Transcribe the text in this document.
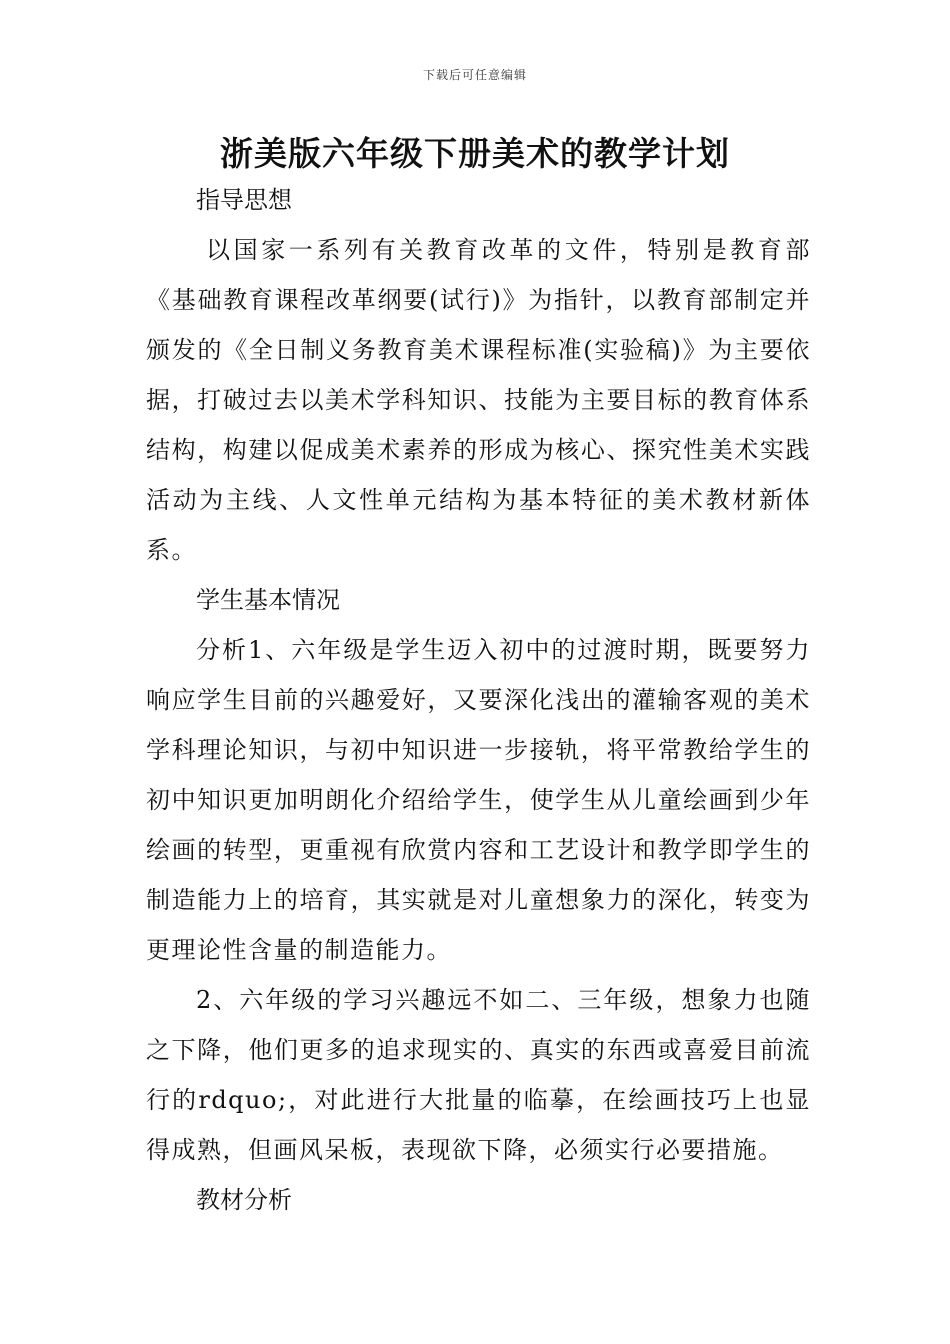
下载后可任意编辑
浙美版六年级下册美术的教学计划
指导思想

以国家一系列有关教育改革的文件，特别是教育部《基础教育课程改革纲要(试行)》为指针，以教育部制定并颁发的《全日制义务教育美术课程标准(实验稿)》为主要依据，打破过去以美术学科知识、技能为主要目标的教育体系结构，构建以促成美术素养的形成为核心、探究性美术实践活动为主线、人文性单元结构为基本特征的美术教材新体系。

学生基本情况

分析1、六年级是学生迈入初中的过渡时期，既要努力响应学生目前的兴趣爱好，又要深化浅出的灌输客观的美术学科理论知识，与初中知识进一步接轨，将平常教给学生的初中知识更加明朗化介绍给学生，使学生从儿童绘画到少年绘画的转型，更重视有欣赏内容和工艺设计和教学即学生的制造能力上的培育，其实就是对儿童想象力的深化，转变为更理论性含量的制造能力。

2、六年级的学习兴趣远不如二、三年级，想象力也随之下降，他们更多的追求现实的、真实的东西或喜爱目前流行的rdquo;，对此进行大批量的临摹，在绘画技巧上也显得成熟，但画风呆板，表现欲下降，必须实行必要措施。

教材分析
